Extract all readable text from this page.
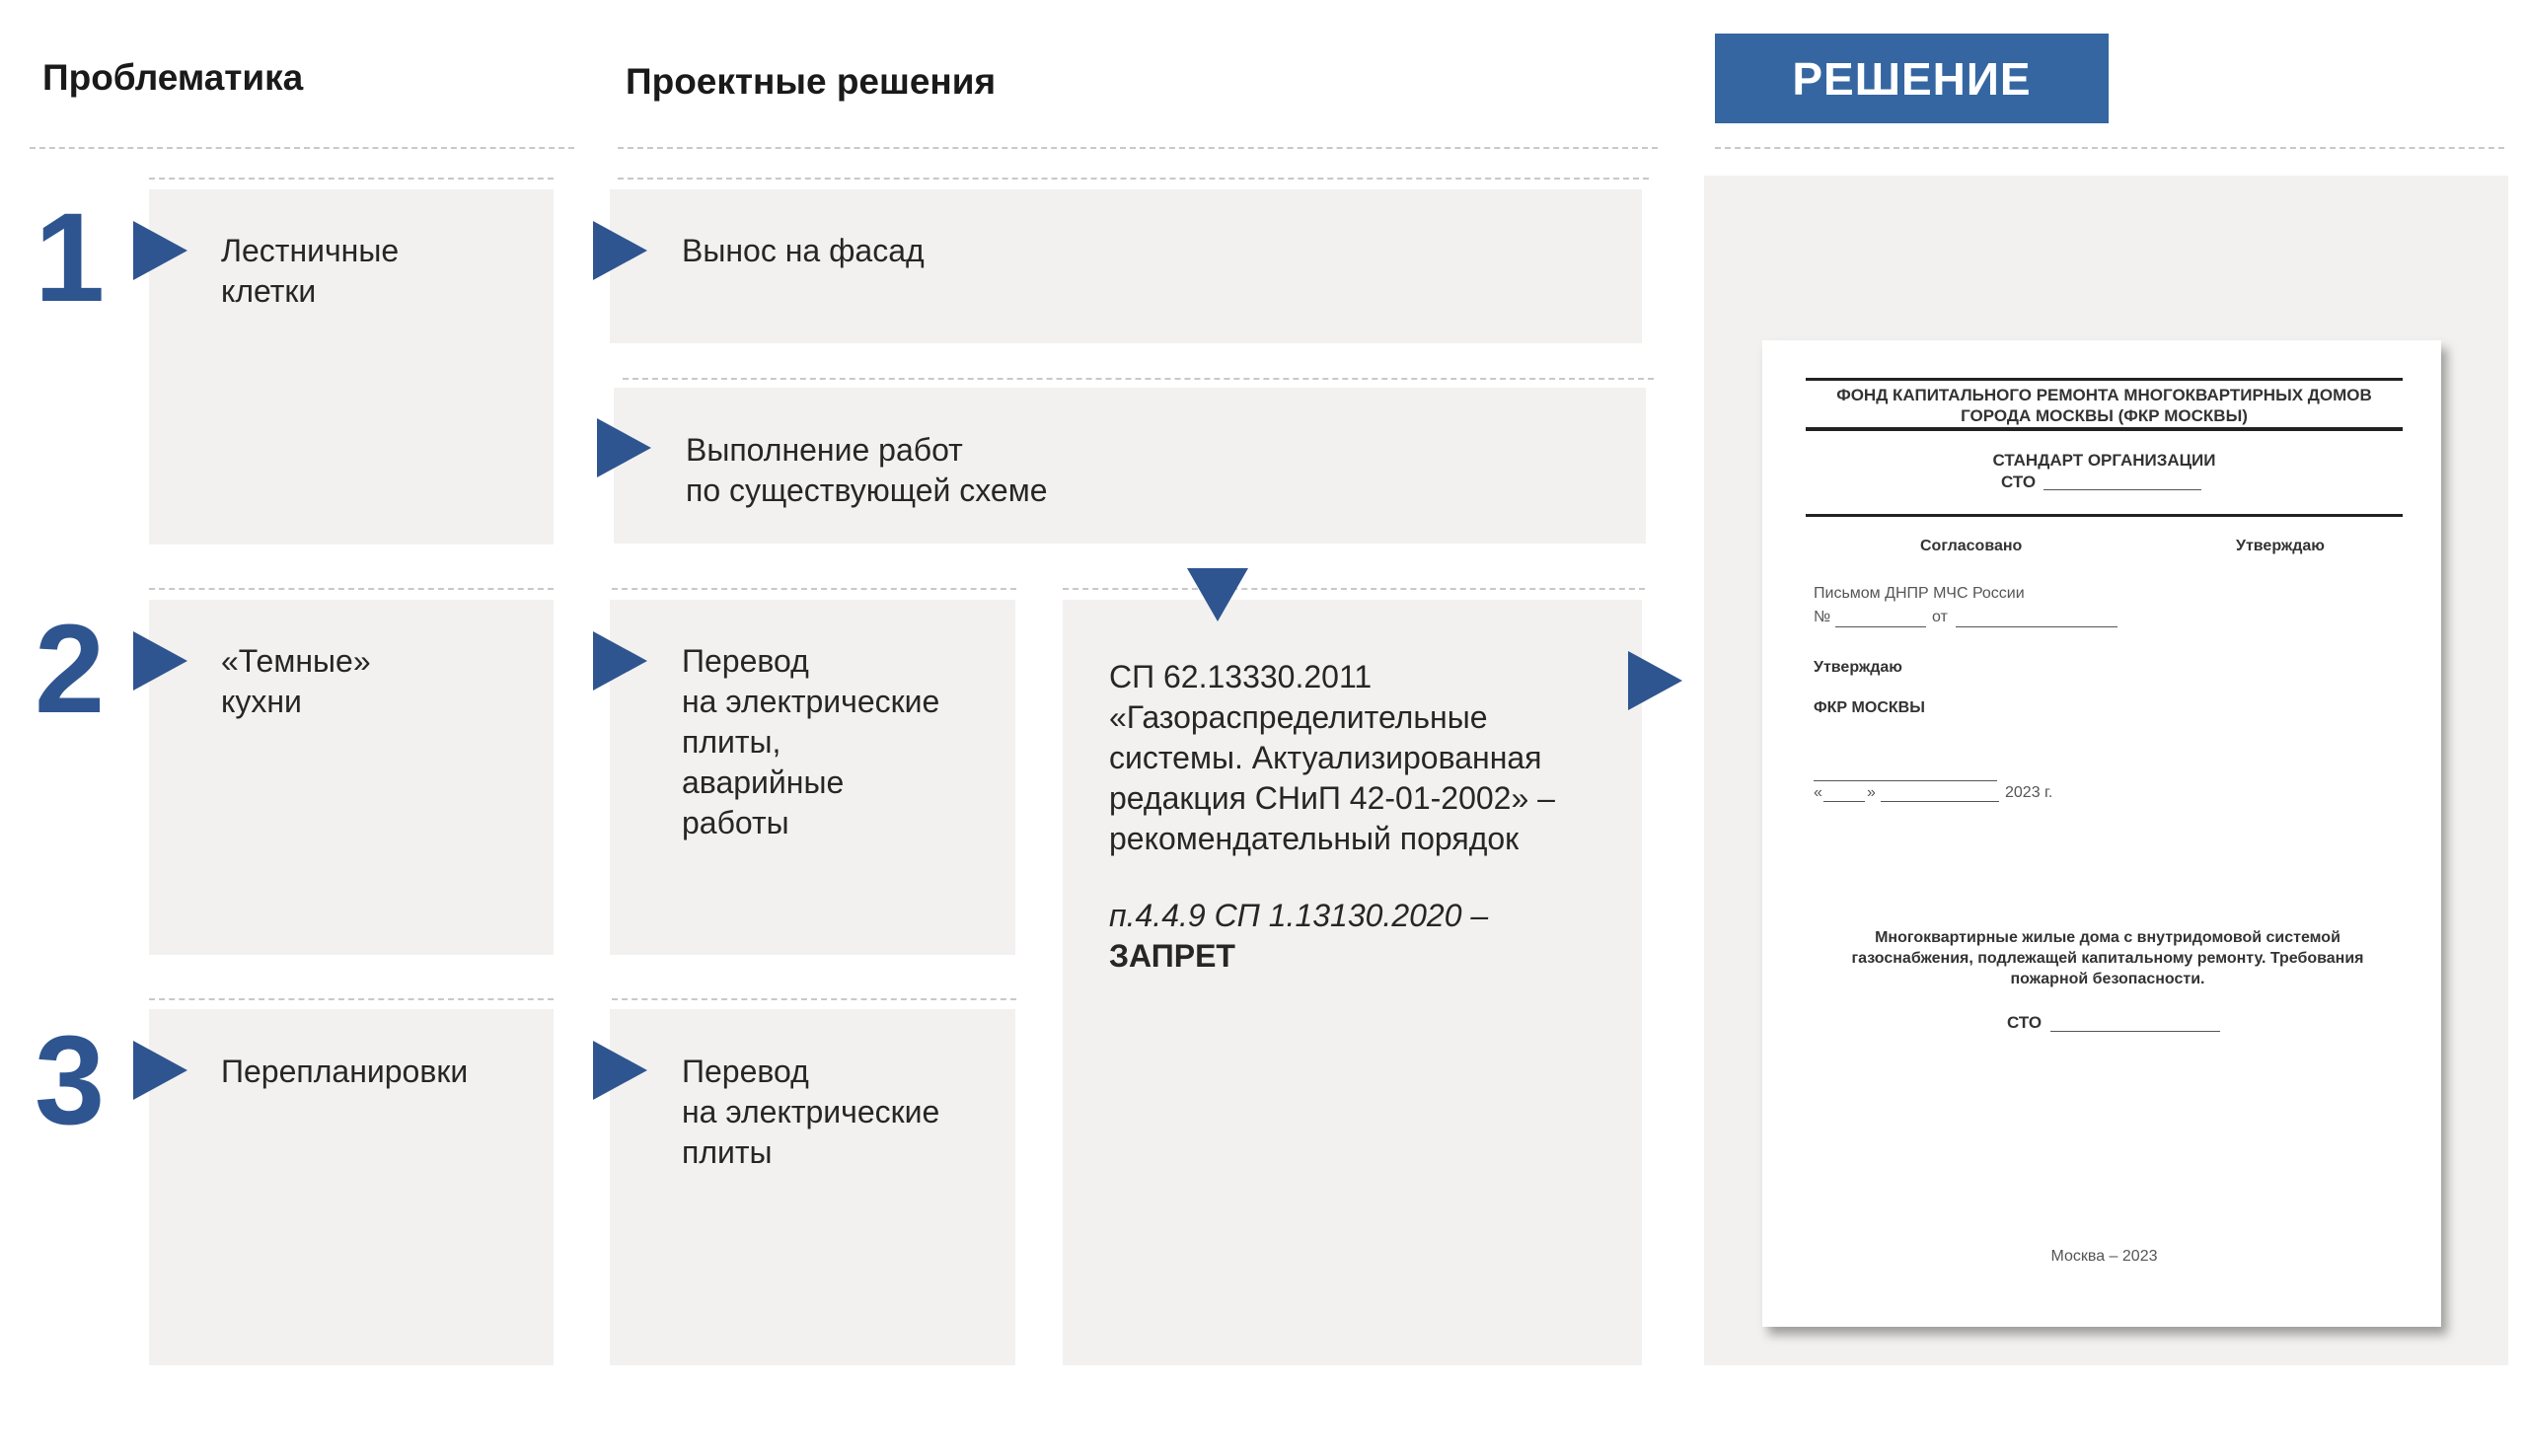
Проблематика	Проектные решения	РЕШЕНИЕ
1	Лестничные
клетки
Вынос на фасад
Выполнение работ
по существующей схеме
2	«Темные»
кухни
Перевод
на электрические
плиты,
аварийные
работы
СП 62.13330.2011
«Газораспределительные
системы. Актуализированная
редакция СНиП 42-01-2002» –
рекомендательный порядок
п.4.4.9 СП 1.13130.2020 –
ЗАПРЕТ
3	Перепланировки	Перевод
на электрические
плиты
ФОНД КАПИТАЛЬНОГО РЕМОНТА МНОГОКВАРТИРНЫХ ДОМОВ
ГОРОДА МОСКВЫ (ФКР МОСКВЫ)
СТАНДАРТ ОРГАНИЗАЦИИ
СТО
Согласовано	Утверждаю
Письмом ДНПР МЧС России
№	от
Утверждаю
ФКР МОСКВЫ
«	»	2023 г.
Многоквартирные жилые дома с внутридомовой системой
газоснабжения, подлежащей капитальному ремонту. Требования
пожарной безопасности.
СТО
Москва – 2023
